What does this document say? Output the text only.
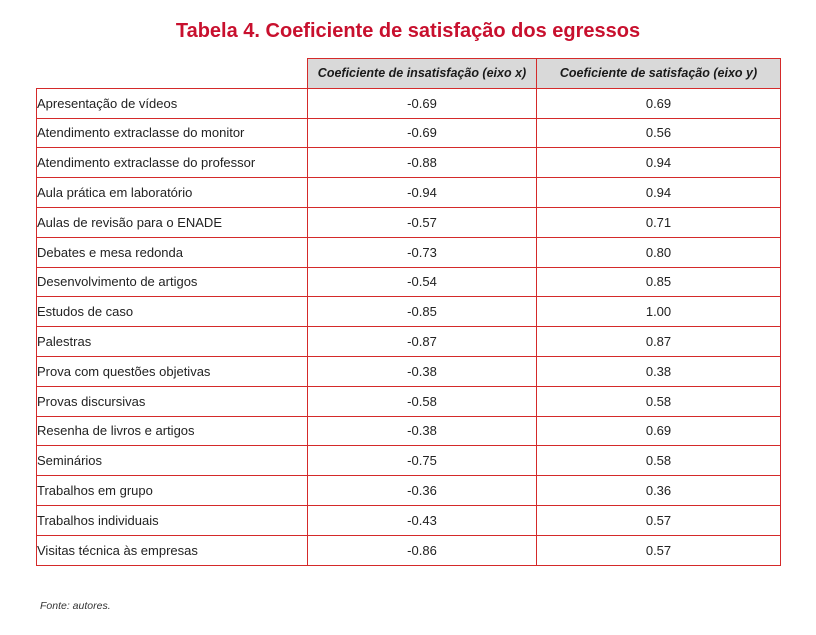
Tabela 4. Coeficiente de satisfação dos egressos
	Coeficiente de insatisfação (eixo x)	Coeficiente de satisfação (eixo y)
Apresentação de vídeos	-0.69	0.69
Atendimento extraclasse do monitor	-0.69	0.56
Atendimento extraclasse do professor	-0.88	0.94
Aula prática em laboratório	-0.94	0.94
Aulas de revisão para o ENADE	-0.57	0.71
Debates e mesa redonda	-0.73	0.80
Desenvolvimento de artigos	-0.54	0.85
Estudos de caso	-0.85	1.00
Palestras	-0.87	0.87
Prova com questões objetivas	-0.38	0.38
Provas discursivas	-0.58	0.58
Resenha de livros e artigos	-0.38	0.69
Seminários	-0.75	0.58
Trabalhos em grupo	-0.36	0.36
Trabalhos individuais	-0.43	0.57
Visitas técnica às empresas	-0.86	0.57
Fonte: autores.
